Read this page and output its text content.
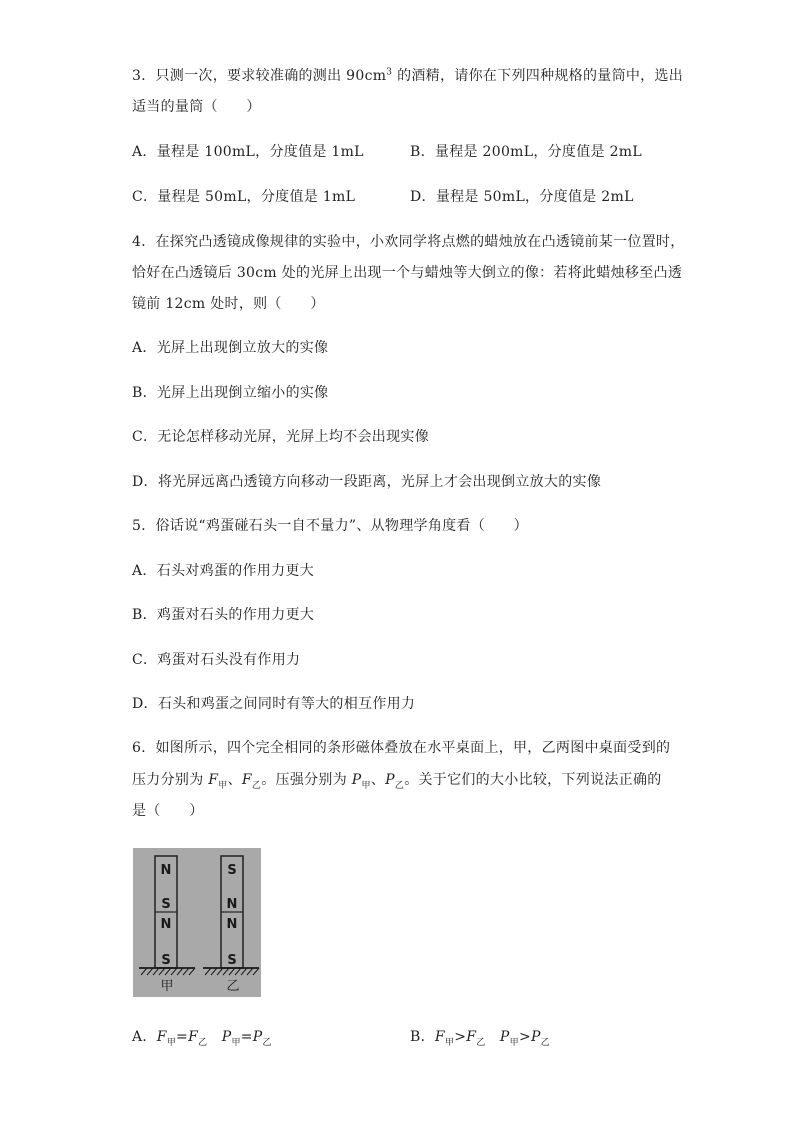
3．只测一次，要求较准确的测出 $90cm^3$ 的酒精，请你在下列四种规格的量筒中，选出
适当的量筒（　　）
A．量程是 100mL，分度值是 1mL	B．量程是 200mL，分度值是 2mL
C．量程是 50mL，分度值是 1mL	D．量程是 50mL，分度值是 2mL
4．在探究凸透镜成像规律的实验中，小欢同学将点燃的蜡烛放在凸透镜前某一位置时，
恰好在凸透镜后 30cm 处的光屏上出现一个与蜡烛等大倒立的像：若将此蜡烛移至凸透
镜前 12cm 处时，则（　　）
A．光屏上出现倒立放大的实像
B．光屏上出现倒立缩小的实像
C．无论怎样移动光屏，光屏上均不会出现实像
D．将光屏远离凸透镜方向移动一段距离，光屏上才会出现倒立放大的实像
5．俗话说“鸡蛋碰石头一自不量力”、从物理学角度看（　　）
A．石头对鸡蛋的作用力更大
B．鸡蛋对石头的作用力更大
C．鸡蛋对石头没有作用力
D．石头和鸡蛋之间同时有等大的相互作用力
6．如图所示，四个完全相同的条形磁体叠放在水平桌面上，甲，乙两图中桌面受到的
压力分别为 $F_甲$、$F_乙$。压强分别为 $P_甲$、$P_乙$。关于它们的大小比较，下列说法正确的
是（　　）
N
S
N
S
S
N
N
S
甲	乙
A．$F_甲=F_乙$　 $P_甲=P_乙$	B．$F_甲>F_乙$　 $P_甲>P_乙$
